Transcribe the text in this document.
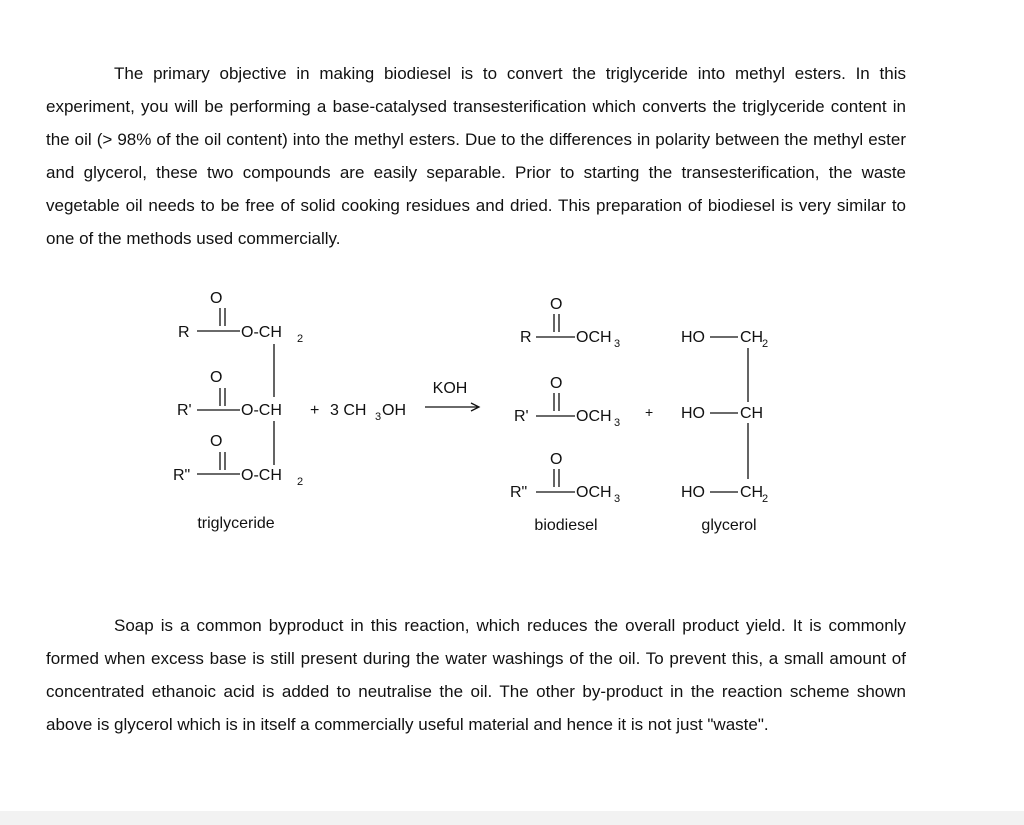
The primary objective in making biodiesel is to convert the triglyceride into methyl esters. In this experiment, you will be performing a base-catalysed transesterification which converts the triglyceride content in the oil (> 98% of the oil content) into the methyl esters. Due to the differences in polarity between the methyl ester and glycerol, these two compounds are easily separable. Prior to starting the transesterification, the waste vegetable oil needs to be free of solid cooking residues and dried. This preparation of biodiesel is very similar to one of the methods used commercially.

O
R	O-CH 2
O
R'	O-CH
O
R"	O-CH 2
triglyceride
+ 3 CH 3 OH
KOH
O
R	OCH 3
O
R'	OCH 3
O
R"	OCH 3
biodiesel
+
HO CH
2
HO CH
HO CH
2
glycerol

Soap is a common byproduct in this reaction, which reduces the overall product yield. It is commonly formed when excess base is still present during the water washings of the oil. To prevent this, a small amount of concentrated ethanoic acid is added to neutralise the oil. The other by-product in the reaction scheme shown above is glycerol which is in itself a commercially useful material and hence it is not just "waste".
